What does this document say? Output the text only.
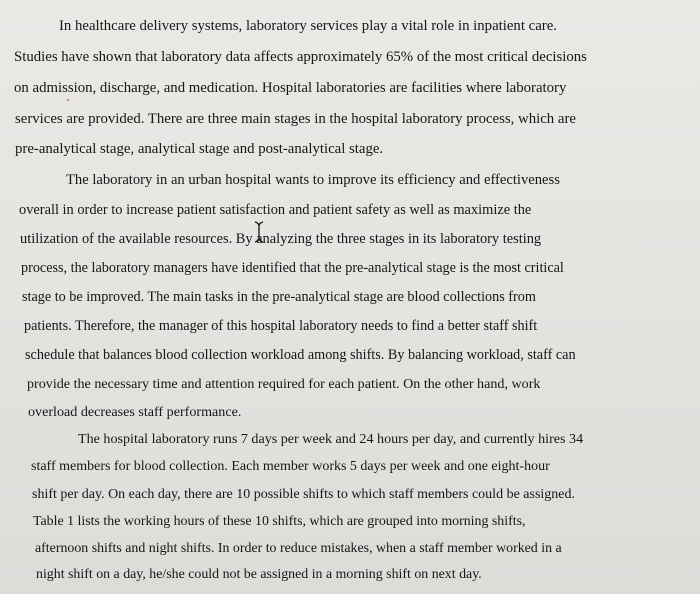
In healthcare delivery systems, laboratory services play a vital role in inpatient care.
Studies have shown that laboratory data affects approximately 65% of the most critical decisions
on admission, discharge, and medication. Hospital laboratories are facilities where laboratory
services are provided. There are three main stages in the hospital laboratory process, which are
pre-analytical stage, analytical stage and post-analytical stage.
The laboratory in an urban hospital wants to improve its efficiency and effectiveness
overall in order to increase patient satisfaction and patient safety as well as maximize the
utilization of the available resources. By analyzing the three stages in its laboratory testing
process, the laboratory managers have identified that the pre-analytical stage is the most critical
stage to be improved. The main tasks in the pre-analytical stage are blood collections from
patients. Therefore, the manager of this hospital laboratory needs to find a better staff shift
schedule that balances blood collection workload among shifts. By balancing workload, staff can
provide the necessary time and attention required for each patient. On the other hand, work
overload decreases staff performance.
The hospital laboratory runs 7 days per week and 24 hours per day, and currently hires 34
staff members for blood collection. Each member works 5 days per week and one eight-hour
shift per day. On each day, there are 10 possible shifts to which staff members could be assigned.
Table 1 lists the working hours of these 10 shifts, which are grouped into morning shifts,
afternoon shifts and night shifts. In order to reduce mistakes, when a staff member worked in a
night shift on a day, he/she could not be assigned in a morning shift on next day.
